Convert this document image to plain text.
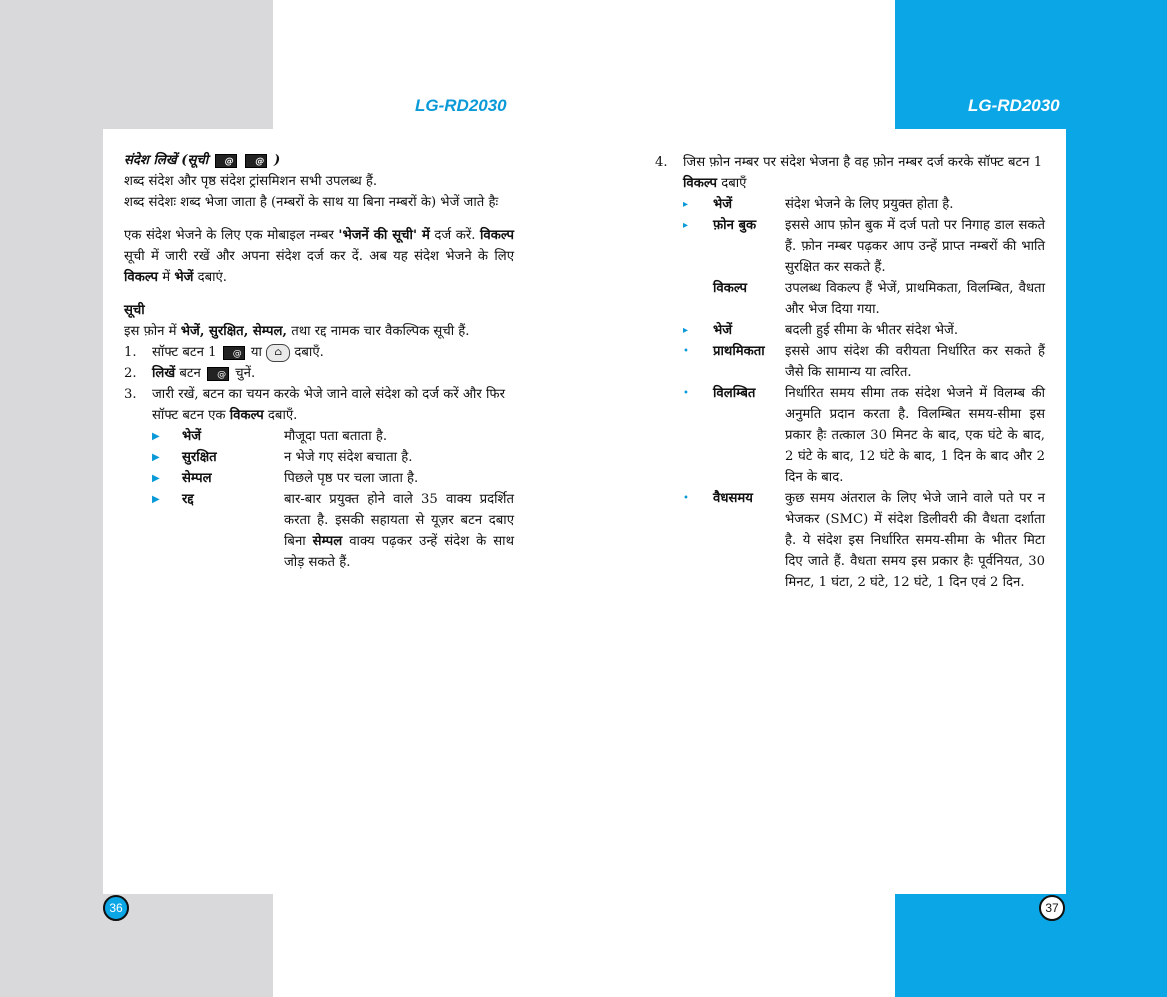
LG-RD2030	LG-RD2030
36	37

संदेश लिखें (सूची @ @	)

शब्द संदेश और पृष्ठ संदेश ट्रांसमिशन सभी उपलब्ध हैं.

शब्द संदेशः शब्द भेजा जाता है (नम्बरों के साथ या बिना नम्बरों के) भेजें जाते हैः

एक संदेश भेजने के लिए एक मोबाइल नम्बर 'भेजनें की सूची' में दर्ज करें. विकल्प सूची में जारी रखें और अपना संदेश दर्ज कर दें. अब यह संदेश भेजने के लिए विकल्प में भेजें दबाएं.

सूची

इस फ़ोन में भेजें, सुरक्षित, सेम्पल, तथा रद्द नामक चार वैकल्पिक सूची हैं.

1.	सॉफ्ट बटन 1 @	या ⌂ दबाएँ.
2.	लिखें बटन @	चुनें.
3.	जारी रखें, बटन का चयन करके भेजे जाने वाले संदेश को दर्ज करें और फिर सॉफ्ट बटन एक विकल्प दबाएँ.
▶	भेजें	मौजूदा पता बताता है.
▶	सुरक्षित	न भेजे गए संदेश बचाता है.
▶	सेम्पल	पिछले पृष्ठ पर चला जाता है.
▶	रद्द	बार-बार प्रयुक्त होने वाले 35 वाक्य प्रदर्शित करता है. इसकी सहायता से यूज़र बटन दबाए बिना सेम्पल वाक्य पढ़कर उन्हें संदेश के साथ जोड़ सकते हैं.
4.	जिस फ़ोन नम्बर पर संदेश भेजना है वह फ़ोन नम्बर दर्ज करके सॉफ्ट बटन 1 विकल्प दबाएँ
▸	भेजें	संदेश भेजने के लिए प्रयुक्त होता है.
▸	फ़ोन बुक	इससे आप फ़ोन बुक में दर्ज पतो पर निगाह डाल सकते हैं. फ़ोन नम्बर पढ़कर आप उन्हें प्राप्त नम्बरों की भाति सुरक्षित कर सकते हैं.
विकल्प	उपलब्ध विकल्प हैं भेजें, प्राथमिकता, विलम्बित, वैधता और भेज दिया गया.
▸	भेजें	बदली हुई सीमा के भीतर संदेश भेजें.
•	प्राथमिकता	इससे आप संदेश की वरीयता निर्धारित कर सकते हैं जैसे कि सामान्य या त्वरित.
•	विलम्बित	निर्धारित समय सीमा तक संदेश भेजने में विलम्ब की अनुमति प्रदान करता है. विलम्बित समय-सीमा इस प्रकार हैः तत्काल 30 मिनट के बाद, एक घंटे के बाद, 2 घंटे के बाद, 12 घंटे के बाद, 1 दिन के बाद और 2 दिन के बाद.
•	वैधसमय	कुछ समय अंतराल के लिए भेजे जाने वाले पते पर न भेजकर (SMC) में संदेश डिलीवरी की वैधता दर्शाता है. ये संदेश इस निर्धारित समय-सीमा के भीतर मिटा दिए जाते हैं. वैधता समय इस प्रकार हैः पूर्वनियत, 30 मिनट, 1 घंटा, 2 घंटे, 12 घंटे, 1 दिन एवं 2 दिन.
